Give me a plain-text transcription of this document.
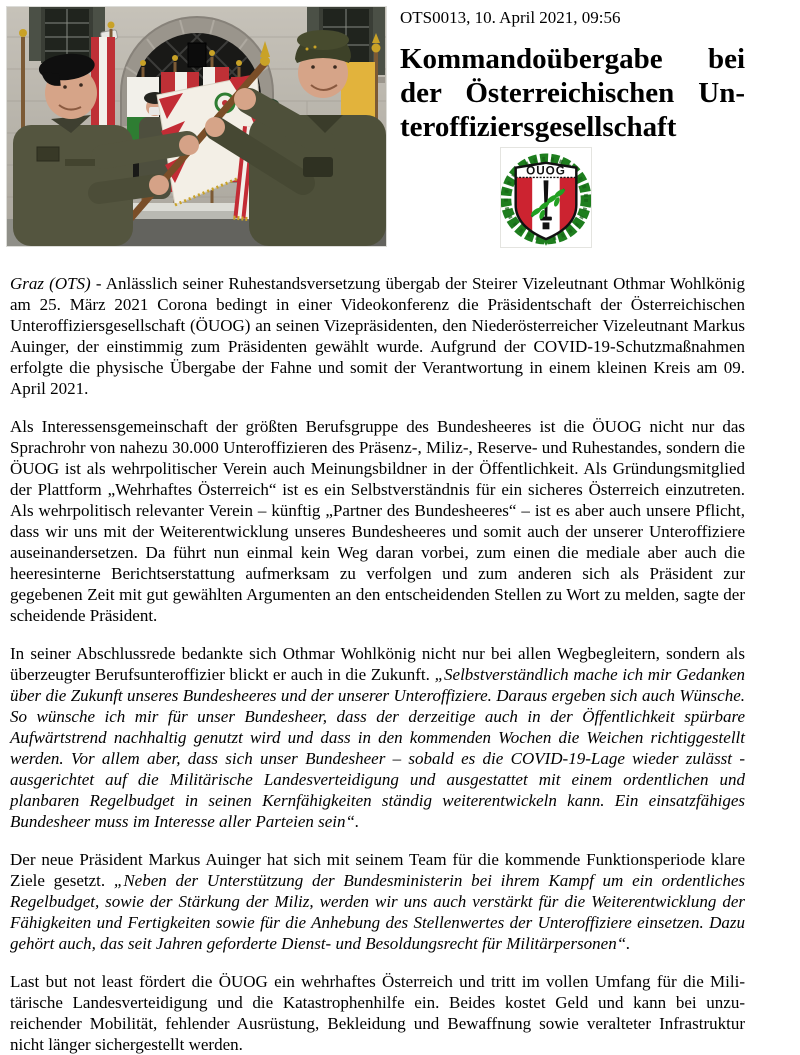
OTS0013, 10. April 2021, 09:56
Kommandoübergabe bei der Österreichischen Unteroffiziersgesellschaft
ÖUOG

Graz (OTS) - Anlässlich seiner Ruhestandsversetzung übergab der Steirer Vizeleutnant Othmar Wohlkönig am 25. März 2021 Corona bedingt in einer Videokonferenz die Präsidentschaft der Österreichischen Unteroffiziersgesellschaft (ÖUOG) an seinen Vizepräsidenten, den Niederösterreicher Vizeleutnant Markus Auinger, der einstimmig zum Präsidenten gewählt wurde. Aufgrund der COVID-19-Schutzmaßnahmen erfolgte die physische Übergabe der Fahne und somit der Verantwortung in einem kleinen Kreis am 09. April 2021.

Als Interessensgemeinschaft der größten Berufsgruppe des Bundesheeres ist die ÖUOG nicht nur das Sprachrohr von nahezu 30.000 Unteroffizieren des Präsenz-, Miliz-, Reserve- und Ruhestandes, sondern die ÖUOG ist als wehrpolitischer Verein auch Meinungsbildner in der Öffentlichkeit. Als Gründungsmitglied der Plattform „Wehrhaftes Österreich“ ist es ein Selbstverständnis für ein sicheres Österreich einzutreten. Als wehrpolitisch relevanter Verein – künftig „Partner des Bundesheeres“ – ist es aber auch unsere Pflicht, dass wir uns mit der Weiterentwicklung unseres Bundesheeres und somit auch der unserer Unteroffiziere auseinandersetzen. Da führt nun einmal kein Weg daran vorbei, zum einen die mediale aber auch die heeresinterne Berichtserstattung aufmerksam zu verfolgen und zum anderen sich als Präsident zur gegebenen Zeit mit gut gewählten Argumenten an den entscheidenden Stellen zu Wort zu melden, sagte der scheidende Präsident.

In seiner Abschlussrede bedankte sich Othmar Wohlkönig nicht nur bei allen Wegbegleitern, sondern als überzeugter Berufsunteroffizier blickt er auch in die Zukunft. „Selbstverständlich mache ich mir Gedanken über die Zukunft unseres Bundesheeres und der unserer Unteroffiziere. Daraus ergeben sich auch Wünsche. So wünsche ich mir für unser Bundesheer, dass der derzeitige auch in der Öffentlichkeit spürbare Aufwärtstrend nachhaltig genutzt wird und dass in den kommenden Wochen die Weichen richtiggestellt werden. Vor allem aber, dass sich unser Bundesheer – sobald es die COVID-19-Lage wieder zulässt - ausgerichtet auf die Militärische Landesverteidigung und ausgestattet mit einem ordentlichen und planbaren Regelbudget in seinen Kernfähigkeiten ständig weiterentwickeln kann. Ein einsatzfähiges Bundesheer muss im Interesse aller Parteien sein“.

Der neue Präsident Markus Auinger hat sich mit seinem Team für die kommende Funktionsperiode klare Ziele gesetzt. „Neben der Unterstützung der Bundesministerin bei ihrem Kampf um ein ordentliches Regelbudget, sowie der Stärkung der Miliz, werden wir uns auch verstärkt für die Weiterentwicklung der Fähigkeiten und Fertigkeiten sowie für die Anhebung des Stellenwertes der Unteroffiziere einsetzen. Dazu gehört auch, das seit Jahren geforderte Dienst- und Besoldungsrecht für Militärpersonen“.

Last but not least fördert die ÖUOG ein wehrhaftes Österreich und tritt im vollen Umfang für die Militärische Landesverteidigung und die Katastrophenhilfe ein. Beides kostet Geld und kann bei unzureichender Mobilität, fehlender Ausrüstung, Bekleidung und Bewaffnung sowie veralteter Infrastruktur nicht länger sichergestellt werden.
